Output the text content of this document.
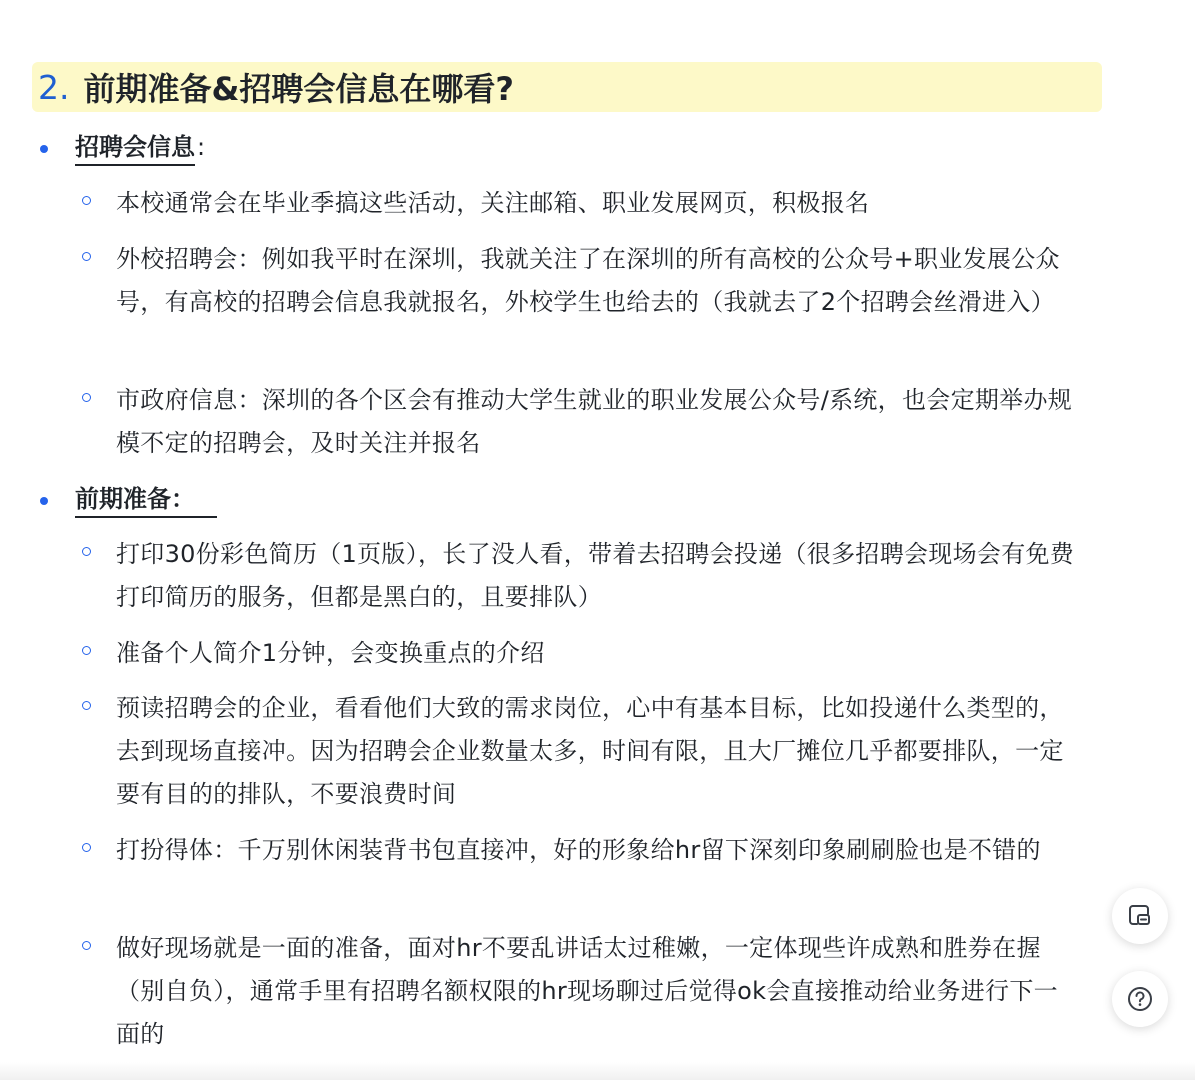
2. 前期准备&招聘会信息在哪看?
招聘会信息 :
本校通常会在毕业季搞这些活动，关注邮箱、职业发展网页，积极报名
外校招聘会：例如我平时在深圳，我就关注了在深圳的所有高校的公众号+职业发展公众号，有高校的招聘会信息我就报名，外校学生也给去的（我就去了2个招聘会丝滑进入）
市政府信息：深圳的各个区会有推动大学生就业的职业发展公众号/系统，也会定期举办规模不定的招聘会，及时关注并报名
前期准备：
打印30份彩色简历（1页版），长了没人看，带着去招聘会投递（很多招聘会现场会有免费打印简历的服务，但都是黑白的，且要排队）
准备个人简介1分钟，会变换重点的介绍
预读招聘会的企业，看看他们大致的需求岗位，心中有基本目标，比如投递什么类型的，去到现场直接冲。因为招聘会企业数量太多，时间有限，且大厂摊位几乎都要排队，一定要有目的的排队，不要浪费时间
打扮得体：千万别休闲装背书包直接冲，好的形象给hr留下深刻印象刷刷脸也是不错的
做好现场就是一面的准备，面对hr不要乱讲话太过稚嫩，一定体现些许成熟和胜券在握（别自负），通常手里有招聘名额权限的hr现场聊过后觉得ok会直接推动给业务进行下一面的
